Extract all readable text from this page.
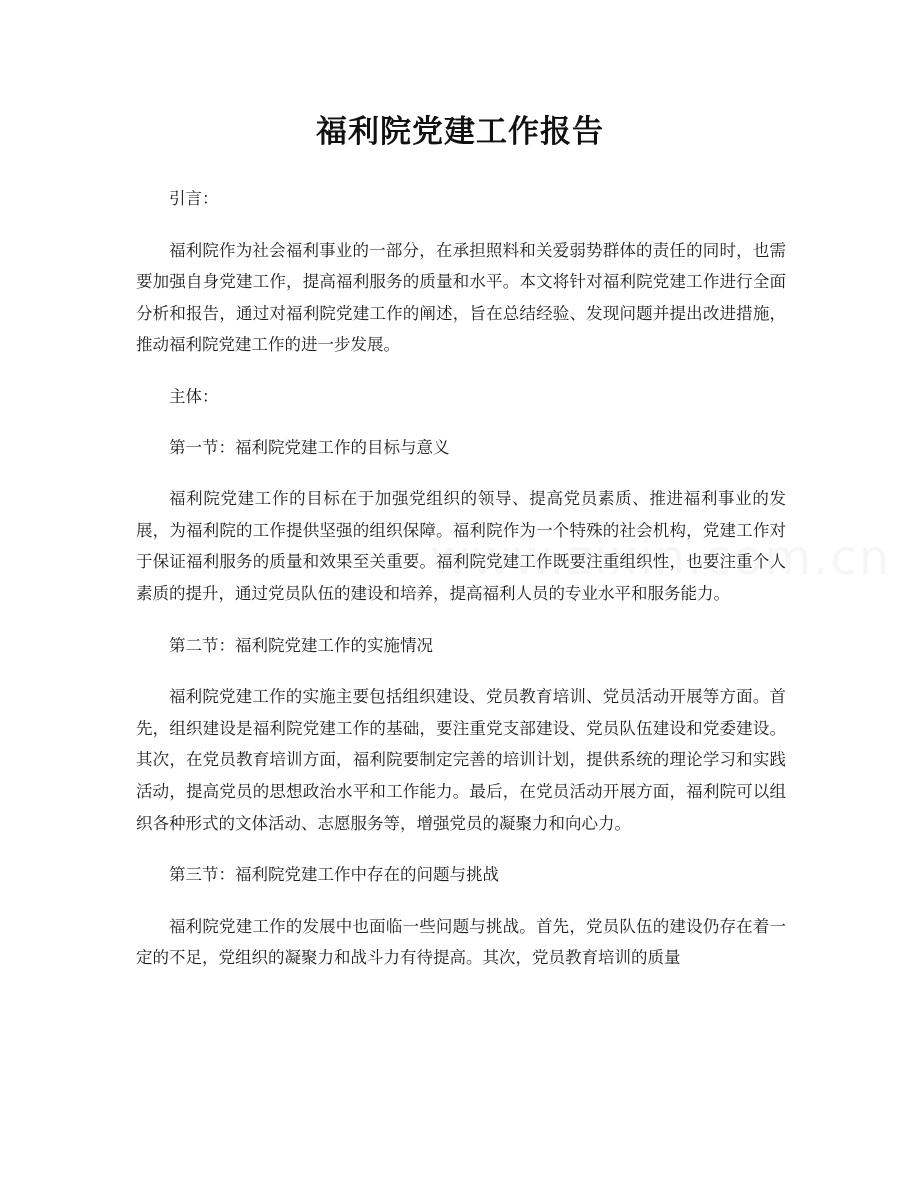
福利院党建工作报告

引言：

福利院作为社会福利事业的一部分，在承担照料和关爱弱势群体的责任的同时，也需要加强自身党建工作，提高福利服务的质量和水平。本文将针对福利院党建工作进行全面分析和报告，通过对福利院党建工作的阐述，旨在总结经验、发现问题并提出改进措施，推动福利院党建工作的进一步发展。

主体：

第一节：福利院党建工作的目标与意义

福利院党建工作的目标在于加强党组织的领导、提高党员素质、推进福利事业的发展，为福利院的工作提供坚强的组织保障。福利院作为一个特殊的社会机构，党建工作对于保证福利服务的质量和效果至关重要。福利院党建工作既要注重组织性，也要注重个人素质的提升，通过党员队伍的建设和培养，提高福利人员的专业水平和服务能力。

第二节：福利院党建工作的实施情况

福利院党建工作的实施主要包括组织建设、党员教育培训、党员活动开展等方面。首先，组织建设是福利院党建工作的基础，要注重党支部建设、党员队伍建设和党委建设。其次，在党员教育培训方面，福利院要制定完善的培训计划，提供系统的理论学习和实践活动，提高党员的思想政治水平和工作能力。最后，在党员活动开展方面，福利院可以组织各种形式的文体活动、志愿服务等，增强党员的凝聚力和向心力。

第三节：福利院党建工作中存在的问题与挑战

福利院党建工作的发展中也面临一些问题与挑战。首先，党员队伍的建设仍存在着一定的不足，党组织的凝聚力和战斗力有待提高。其次，党员教育培训的质量
